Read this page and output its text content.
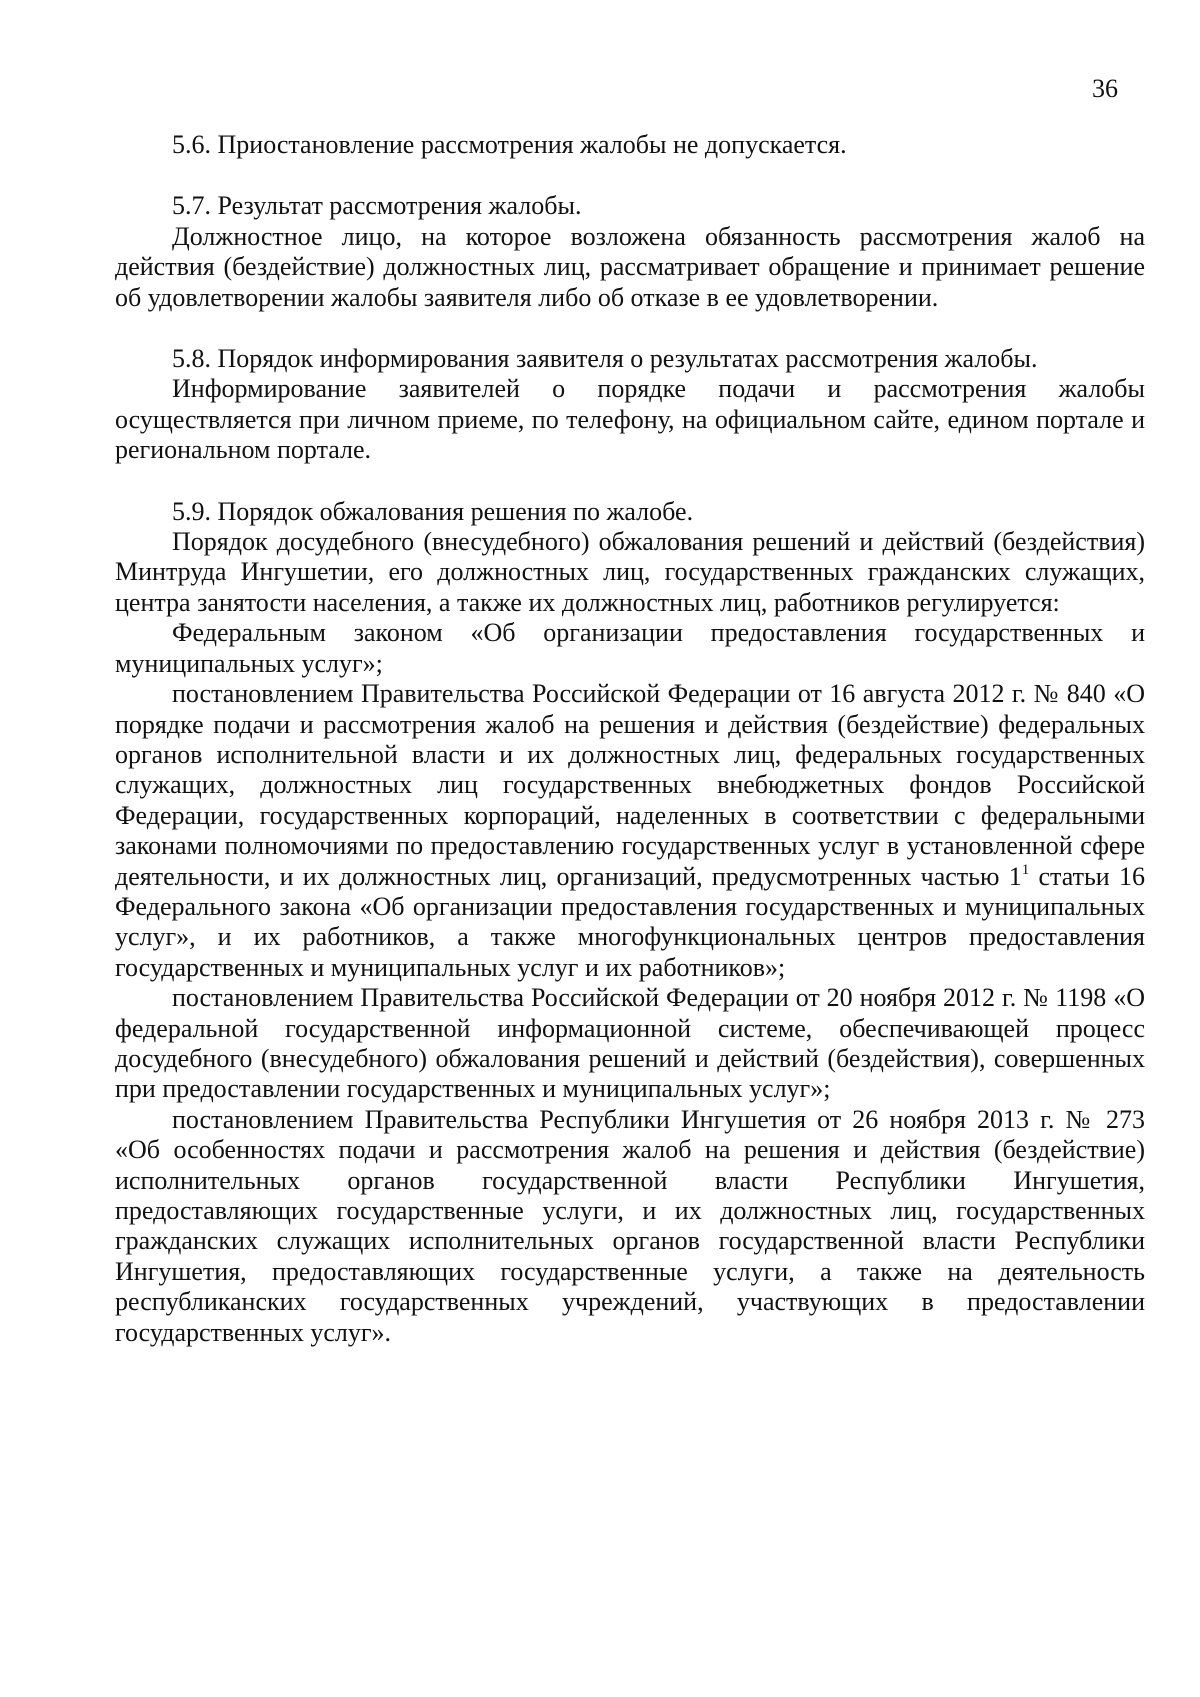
36

5.6. Приостановление рассмотрения жалобы не допускается.

5.7. Результат рассмотрения жалобы.

Должностное лицо, на которое возложена обязанность рассмотрения жалоб на действия (бездействие) должностных лиц, рассматривает обращение и принимает решение об удовлетворении жалобы заявителя либо об отказе в ее удовлетворении.

5.8. Порядок информирования заявителя о результатах рассмотрения жалобы.

Информирование заявителей о порядке подачи и рассмотрения жалобы осуществляется при личном приеме, по телефону, на официальном сайте, едином портале и региональном портале.

5.9. Порядок обжалования решения по жалобе.

Порядок досудебного (внесудебного) обжалования решений и действий (бездействия) Минтруда Ингушетии, его должностных лиц, государственных гражданских служащих, центра занятости населения, а также их должностных лиц, работников регулируется:

Федеральным законом «Об организации предоставления государственных и муниципальных услуг»;

постановлением Правительства Российской Федерации от 16 августа 2012 г. № 840 «О порядке подачи и рассмотрения жалоб на решения и действия (бездействие) федеральных органов исполнительной власти и их должностных лиц, федеральных государственных служащих, должностных лиц государственных внебюджетных фондов Российской Федерации, государственных корпораций, наделенных в соответствии с федеральными законами полномочиями по предоставлению государственных услуг в установленной сфере деятельности, и их должностных лиц, организаций, предусмотренных частью $1^1$ статьи 16 Федерального закона «Об организации предоставления государственных и муниципальных услуг», и их работников, а также многофункциональных центров предоставления государственных и муниципальных услуг и их работников»;

постановлением Правительства Российской Федерации от 20 ноября 2012 г. № 1198 «О федеральной государственной информационной системе, обеспечивающей процесс досудебного (внесудебного) обжалования решений и действий (бездействия), совершенных при предоставлении государственных и муниципальных услуг»;

постановлением Правительства Республики Ингушетия от 26 ноября 2013 г. № 273 «Об особенностях подачи и рассмотрения жалоб на решения и действия (бездействие) исполнительных органов государственной власти Республики Ингушетия, предоставляющих государственные услуги, и их должностных лиц, государственных гражданских служащих исполнительных органов государственной власти Республики Ингушетия, предоставляющих государственные услуги, а также на деятельность республиканских государственных учреждений, участвующих в предоставлении государственных услуг».
